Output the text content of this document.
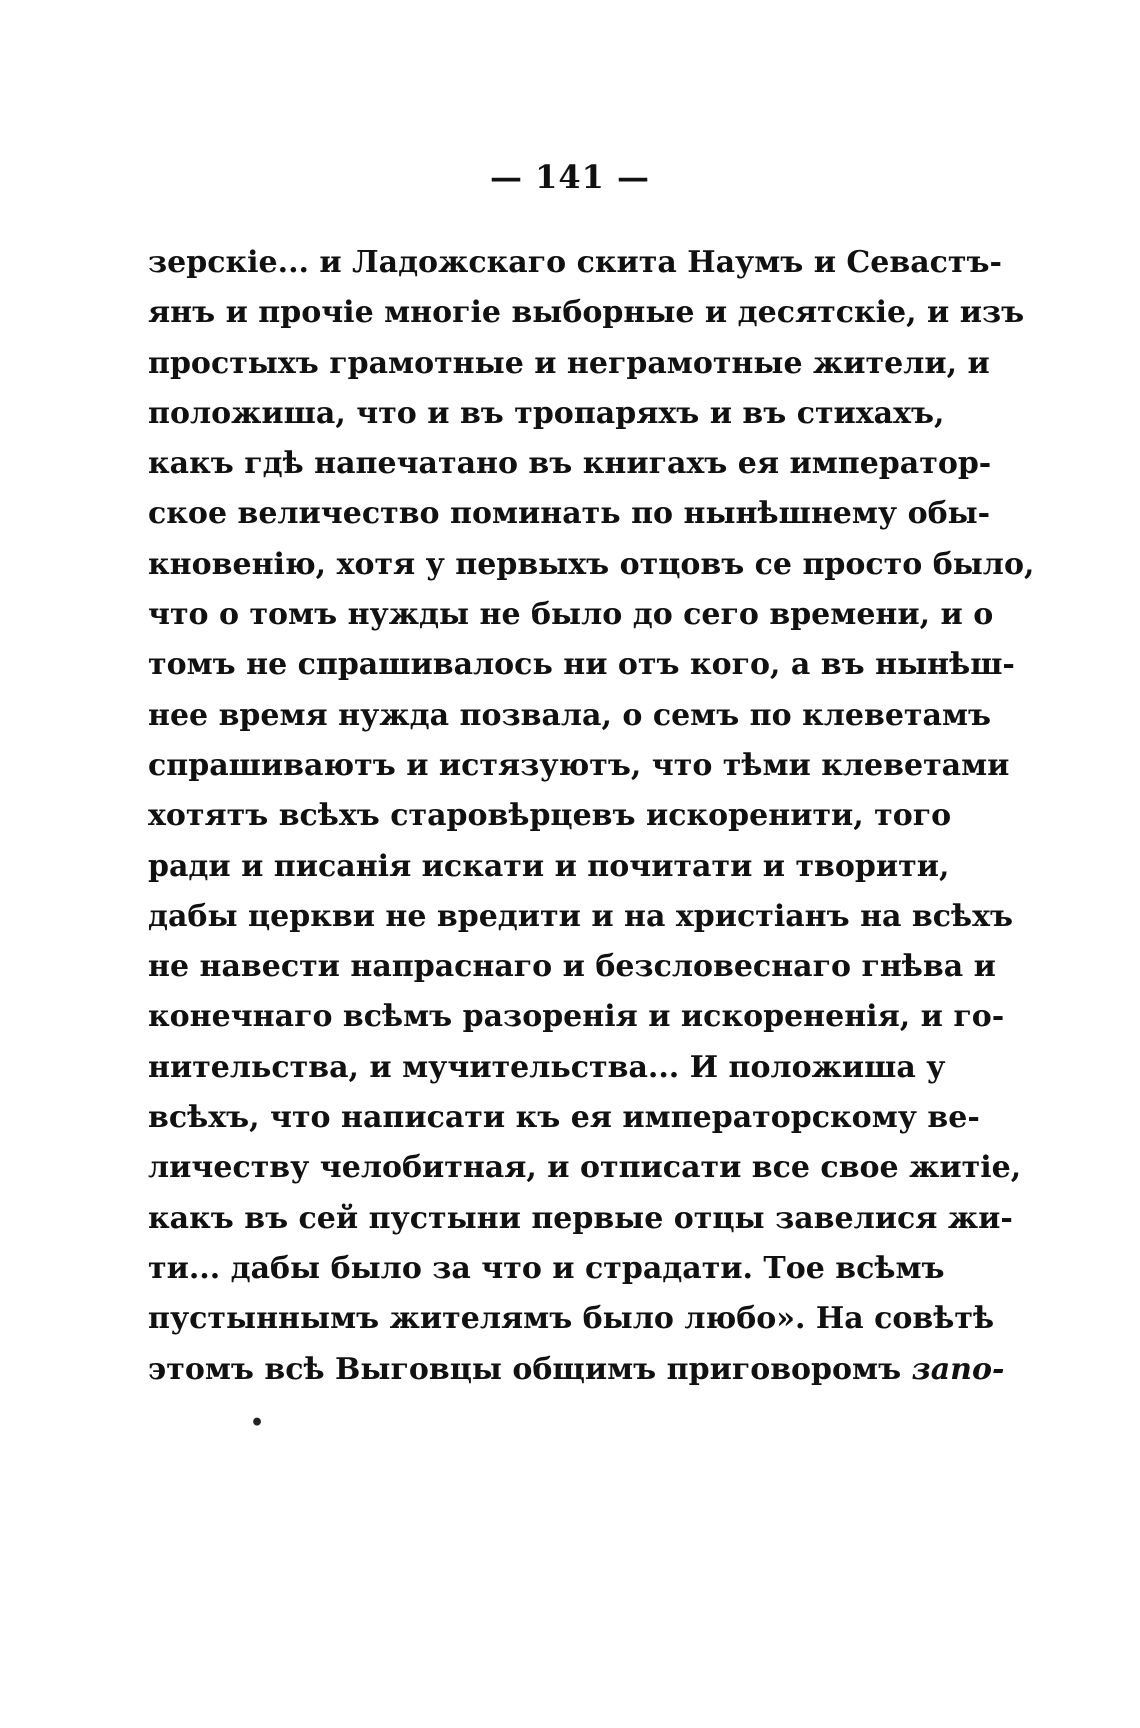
— 141 —
зерскіе... и Ладожскаго скита Наумъ и Севастъ-
янъ и прочіе многіе выборные и десятскіе, и изъ
простыхъ грамотные и неграмотные жители, и
положиша, что и въ тропаряхъ и въ стихахъ,
какъ гдѣ напечатано въ книгахъ ея император-
ское величество поминать по нынѣшнему обы-
кновенію, хотя у первыхъ отцовъ се просто было,
что о томъ нужды не было до сего времени, и о
томъ не спрашивалось ни отъ кого, а въ нынѣш-
нее время нужда позвала, о семъ по клеветамъ
спрашиваютъ и истязуютъ, что тѣми клеветами
хотятъ всѣхъ старовѣрцевъ искоренити, того
ради и писанія искати и почитати и творити,
дабы церкви не вредити и на христіанъ на всѣхъ
не навести напраснаго и безсловеснаго гнѣва и
конечнаго всѣмъ разоренія и искорененія, и го-
нительства, и мучительства... И положиша у
всѣхъ, что написати къ ея императорскому ве-
личеству челобитная, и отписати все свое житіе,
какъ въ сей пустыни первые отцы завелися жи-
ти... дабы было за что и страдати. Тое всѣмъ
пустыннымъ жителямъ было любо». На совѣтѣ
этомъ всѣ Выговцы общимъ приговоромъ запо-
•
